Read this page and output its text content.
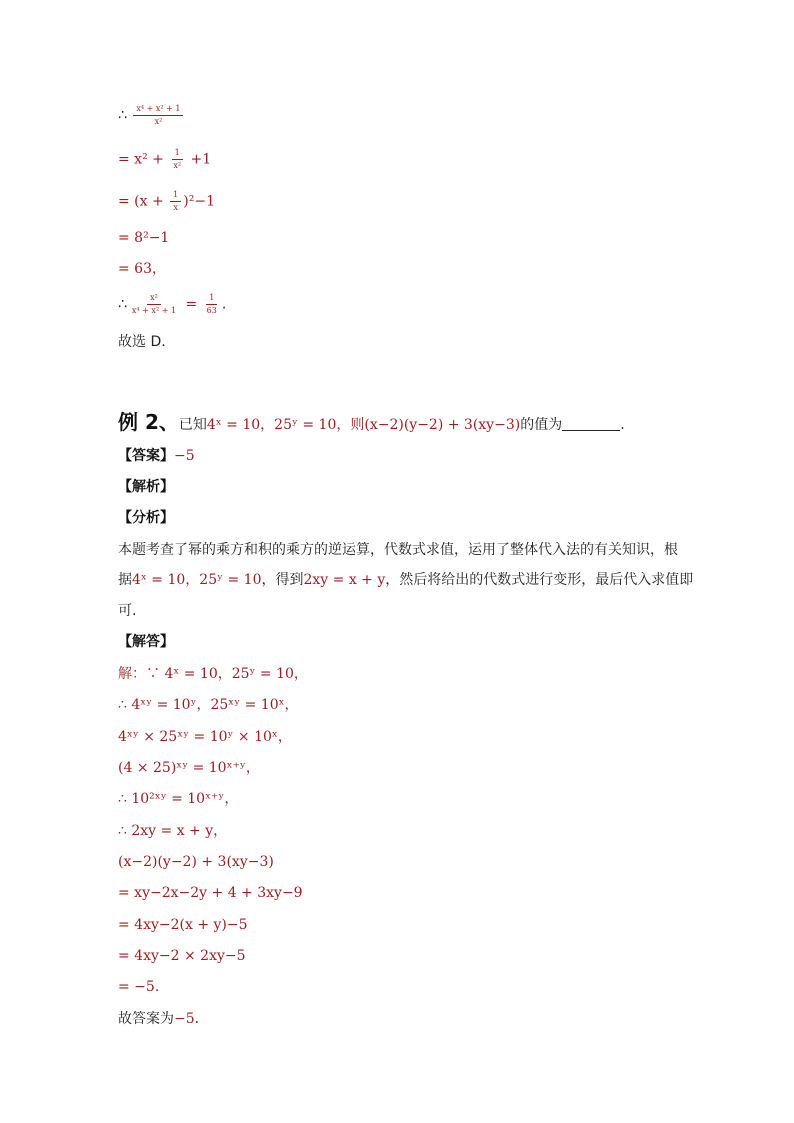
∴ $\frac{\text{x⁴ + x² + 1}}{\text{x²}}$
= $x^2 + \frac{1}{\text{x²}} +1$
= $(x + \frac{1}{x} )^2-1$
= 8²−1
= 63，
∴ $\frac{\text{x²}}{\text{x⁴ + x² + 1}} = \frac{1}{63}$ .
故选 D.
例 2、已知4ˣ = 10，25ʸ = 10，则(x−2)(y−2) + 3(xy−3)的值为	.
【答案】−5
【解析】
【分析】
本题考查了幂的乘方和积的乘方的逆运算，代数式求值，运用了整体代入法的有关知识，根
据4ˣ = 10，25ʸ = 10，得到2xy = x + y，然后将给出的代数式进行变形，最后代入求值即
可.
【解答】
解：∵ 4ˣ = 10，25ʸ = 10，
∴ 4ˣʸ = 10ʸ，25ˣʸ = 10ˣ，
4ˣʸ × 25ˣʸ = 10ʸ × 10ˣ，
(4 × 25)ˣʸ = 10ˣ⁺ʸ，
∴ 10²ˣʸ = 10ˣ⁺ʸ，
∴ 2xy = x + y，
(x−2)(y−2) + 3(xy−3)
= xy−2x−2y + 4 + 3xy−9
= 4xy−2(x + y)−5
= 4xy−2 × 2xy−5
= −5.
故答案为−5.
